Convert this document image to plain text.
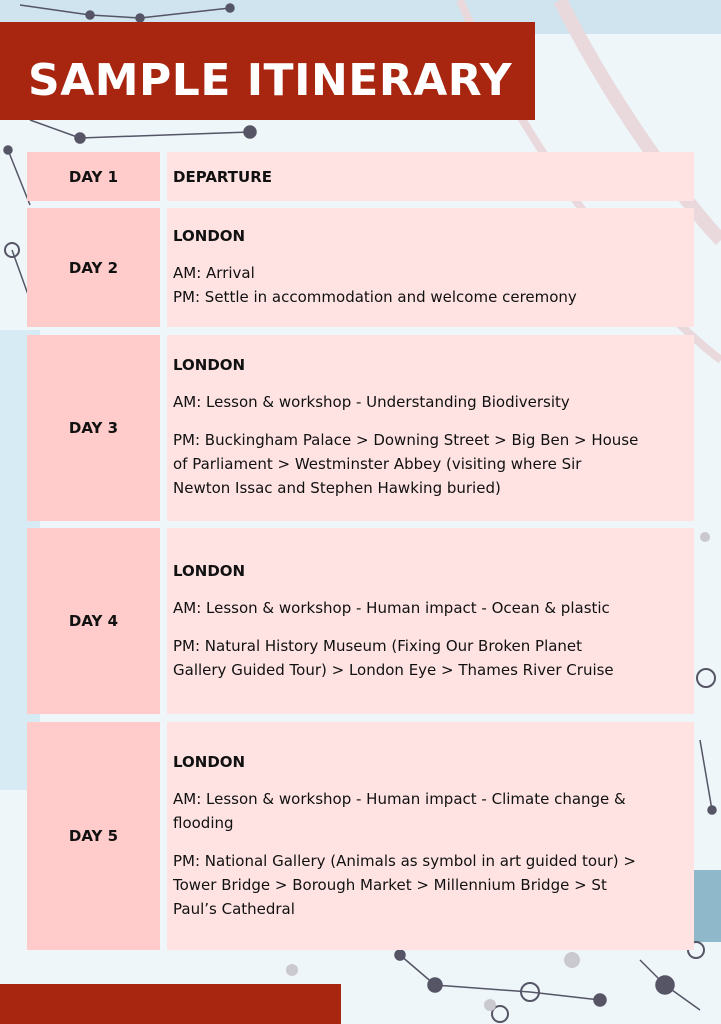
SAMPLE ITINERARY
DAY 1	DEPARTURE

DAY 2

LONDON

AM: Arrival

PM: Settle in accommodation and welcome ceremony

DAY 3

LONDON

AM: Lesson & workshop - Understanding Biodiversity

PM: Buckingham Palace > Downing Street > Big Ben > House

of Parliament > Westminster Abbey (visiting where Sir

Newton Issac and Stephen Hawking buried)

DAY 4

LONDON

AM: Lesson & workshop - Human impact - Ocean & plastic

PM: Natural History Museum (Fixing Our Broken Planet

Gallery Guided Tour) > London Eye > Thames River Cruise

DAY 5

LONDON

AM: Lesson & workshop - Human impact - Climate change &

flooding

PM: National Gallery (Animals as symbol in art guided tour) >

Tower Bridge > Borough Market > Millennium Bridge > St

Paul’s Cathedral
